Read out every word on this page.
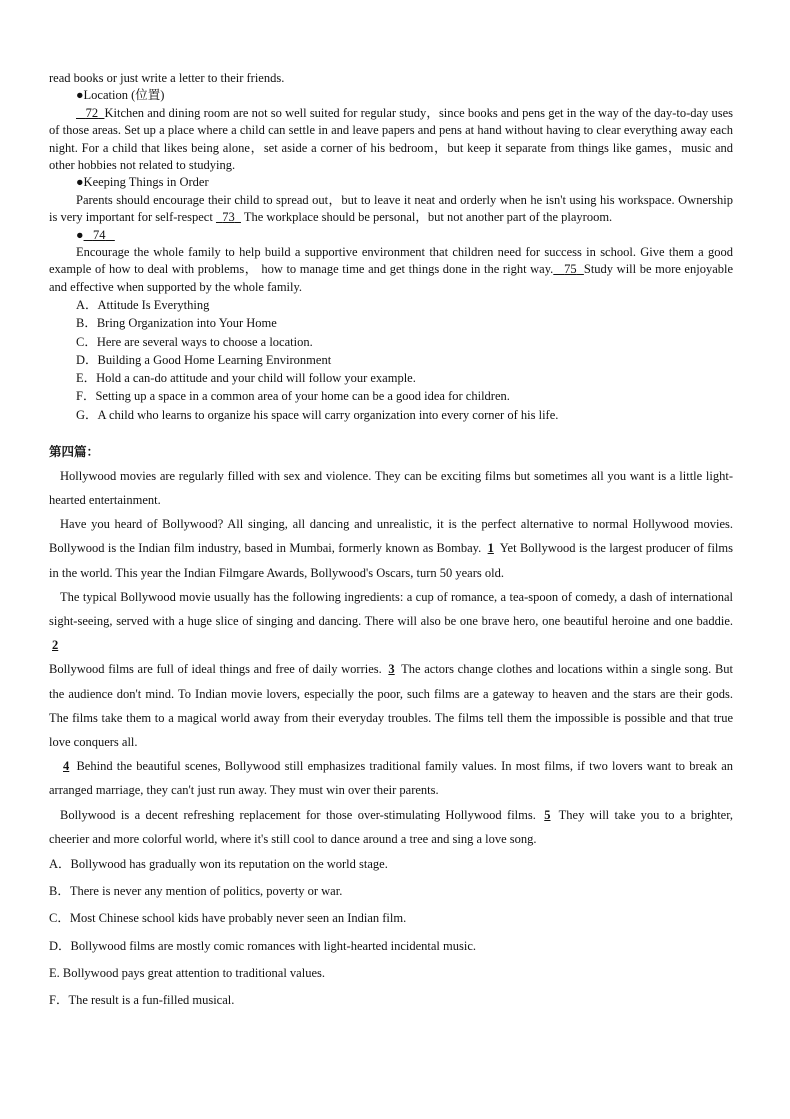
read books or just write a letter to their friends.
●Location (位置)
72 Kitchen and dining room are not so well suited for regular study，since books and pens get in the way of the day-to-day uses of those areas. Set up a place where a child can settle in and leave papers and pens at hand without having to clear everything away each night. For a child that likes being alone，set aside a corner of his bedroom，but keep it separate from things like games，music and other hobbies not related to studying.
●Keeping Things in Order
Parents should encourage their child to spread out，but to leave it neat and orderly when he isn't using his workspace. Ownership is very important for self-respect 73 The workplace should be personal，but not another part of the playroom.
● 74
Encourage the whole family to help build a supportive environment that children need for success in school. Give them a good example of how to deal with problems， how to manage time and get things done in the right way. 75 Study will be more enjoyable and effective when supported by the whole family.
A．Attitude Is Everything
B．Bring Organization into Your Home
C．Here are several ways to choose a location.
D．Building a Good Home Learning Environment
E．Hold a can-do attitude and your child will follow your example.
F．Setting up a space in a common area of your home can be a good idea for children.
G．A child who learns to organize his space will carry organization into every corner of his life.
第四篇：
Hollywood movies are regularly filled with sex and violence. They can be exciting films but sometimes all you want is a little light-hearted entertainment.
Have you heard of Bollywood? All singing, all dancing and unrealistic, it is the perfect alternative to normal Hollywood movies. Bollywood is the Indian film industry, based in Mumbai, formerly known as Bombay. 1 Yet Bollywood is the largest producer of films in the world. This year the Indian Filmgare Awards, Bollywood's Oscars, turn 50 years old.
The typical Bollywood movie usually has the following ingredients: a cup of romance, a tea-spoon of comedy, a dash of international sight-seeing, served with a huge slice of singing and dancing. There will also be one brave hero, one beautiful heroine and one baddie. 2
Bollywood films are full of ideal things and free of daily worries. 3 The actors change clothes and locations within a single song. But the audience don't mind. To Indian movie lovers, especially the poor, such films are a gateway to heaven and the stars are their gods. The films take them to a magical world away from their everyday troubles. The films tell them the impossible is possible and that true love conquers all.
4 Behind the beautiful scenes, Bollywood still emphasizes traditional family values. In most films, if two lovers want to break an arranged marriage, they can't just run away. They must win over their parents.
Bollywood is a decent refreshing replacement for those over-stimulating Hollywood films. 5 They will take you to a brighter, cheerier and more colorful world, where it's still cool to dance around a tree and sing a love song.
A．Bollywood has gradually won its reputation on the world stage.
B．There is never any mention of politics, poverty or war.
C．Most Chinese school kids have probably never seen an Indian film.
D．Bollywood films are mostly comic romances with light-hearted incidental music.
E. Bollywood pays great attention to traditional values.
F．The result is a fun-filled musical.
